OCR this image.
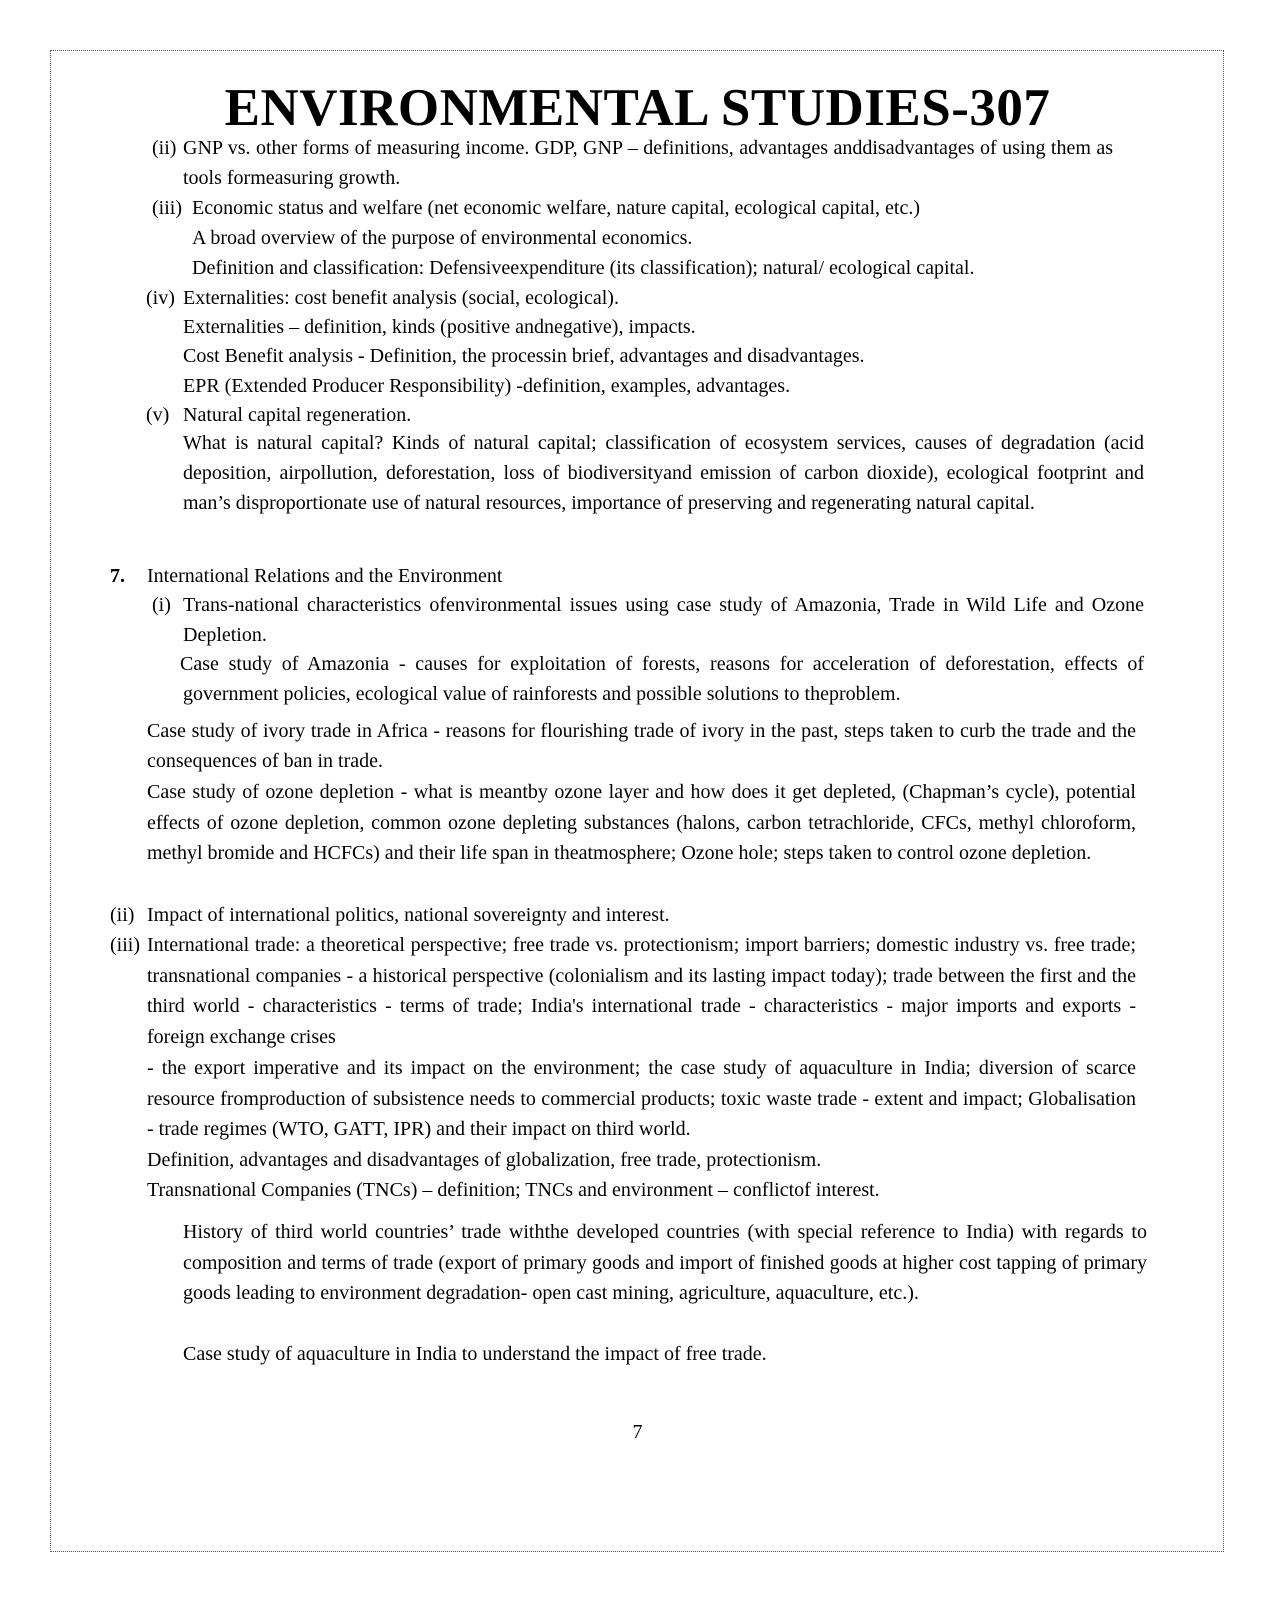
ENVIRONMENTAL STUDIES-307
(ii) GNP vs. other forms of measuring income. GDP, GNP – definitions, advantages anddisadvantages of using them as tools formeasuring growth.
(iii) Economic status and welfare (net economic welfare, nature capital, ecological capital, etc.)
A broad overview of the purpose of environmental economics.
Definition and classification: Defensiveexpenditure (its classification); natural/ ecological capital.
(iv) Externalities: cost benefit analysis (social, ecological).
Externalities – definition, kinds (positive andnegative), impacts.
Cost Benefit analysis - Definition, the processin brief, advantages and disadvantages.
EPR (Extended Producer Responsibility) -definition, examples, advantages.
(v) Natural capital regeneration.
What is natural capital? Kinds of natural capital; classification of ecosystem services, causes of degradation (acid deposition, airpollution, deforestation, loss of biodiversityand emission of carbon dioxide), ecological footprint and man’s disproportionate use of natural resources, importance of preserving and regenerating natural capital.
7. International Relations and the Environment
(i) Trans-national characteristics ofenvironmental issues using case study of Amazonia, Trade in Wild Life and Ozone Depletion.
Case study of Amazonia - causes for exploitation of forests, reasons for acceleration of deforestation, effects of government policies, ecological value of rainforests and possible solutions to theproblem.
Case study of ivory trade in Africa - reasons for flourishing trade of ivory in the past, steps taken to curb the trade and the consequences of ban in trade.
Case study of ozone depletion - what is meantby ozone layer and how does it get depleted, (Chapman’s cycle), potential effects of ozone depletion, common ozone depleting substances (halons, carbon tetrachloride, CFCs, methyl chloroform, methyl bromide and HCFCs) and their life span in theatmosphere; Ozone hole; steps taken to control ozone depletion.
(ii) Impact of international politics, national sovereignty and interest.
(iii) International trade: a theoretical perspective; free trade vs. protectionism; import barriers; domestic industry vs. free trade; transnational companies - a historical perspective (colonialism and its lasting impact today); trade between the first and the third world - characteristics - terms of trade; India's international trade - characteristics - major imports and exports - foreign exchange crises
- the export imperative and its impact on the environment; the case study of aquaculture in India; diversion of scarce resource fromproduction of subsistence needs to commercial products; toxic waste trade - extent and impact; Globalisation - trade regimes (WTO, GATT, IPR) and their impact on third world.
Definition, advantages and disadvantages of globalization, free trade, protectionism.
Transnational Companies (TNCs) – definition; TNCs and environment – conflictof interest.
History of third world countries’ trade withthe developed countries (with special reference to India) with regards to composition and terms of trade (export of primary goods and import of finished goods at higher cost tapping of primary goods leading to environment degradation- open cast mining, agriculture, aquaculture, etc.).
Case study of aquaculture in India to understand the impact of free trade.
7
